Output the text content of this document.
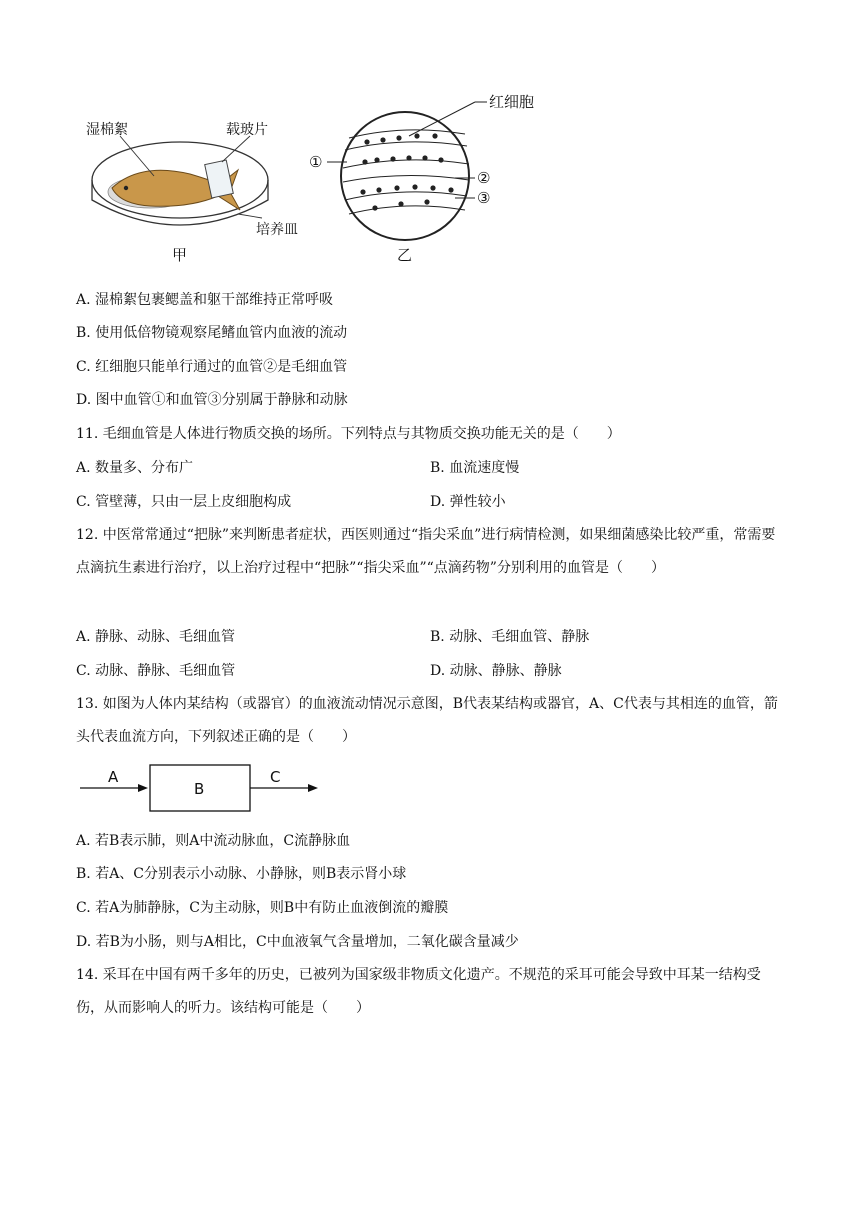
湿棉絮	载玻片
培养皿
甲
红细胞
①
②
③
乙
A. 湿棉絮包裹鳃盖和躯干部维持正常呼吸
B. 使用低倍物镜观察尾鳍血管内血液的流动
C. 红细胞只能单行通过的血管②是毛细血管
D. 图中血管①和血管③分别属于静脉和动脉
11. 毛细血管是人体进行物质交换的场所。下列特点与其物质交换功能无关的是（　　）
A. 数量多、分布广	B. 血流速度慢
C. 管壁薄，只由一层上皮细胞构成	D. 弹性较小
12. 中医常常通过“把脉”来判断患者症状，西医则通过“指尖采血”进行病情检测，如果细菌感染比较严重，常需要点滴抗生素进行治疗，以上治疗过程中“把脉”“指尖采血”“点滴药物”分别利用的血管是（　　）
A. 静脉、动脉、毛细血管	B. 动脉、毛细血管、静脉
C. 动脉、静脉、毛细血管	D. 动脉、静脉、静脉
13. 如图为人体内某结构（或器官）的血液流动情况示意图，B代表某结构或器官，A、C代表与其相连的血管，箭头代表血流方向，下列叙述正确的是（　　）
A
B
C
A. 若B表示肺，则A中流动脉血，C流静脉血
B. 若A、C分别表示小动脉、小静脉，则B表示肾小球
C. 若A为肺静脉，C为主动脉，则B中有防止血液倒流的瓣膜
D. 若B为小肠，则与A相比，C中血液氧气含量增加，二氧化碳含量减少
14. 采耳在中国有两千多年的历史，已被列为国家级非物质文化遗产。不规范的采耳可能会导致中耳某一结构受伤，从而影响人的听力。该结构可能是（　　）
